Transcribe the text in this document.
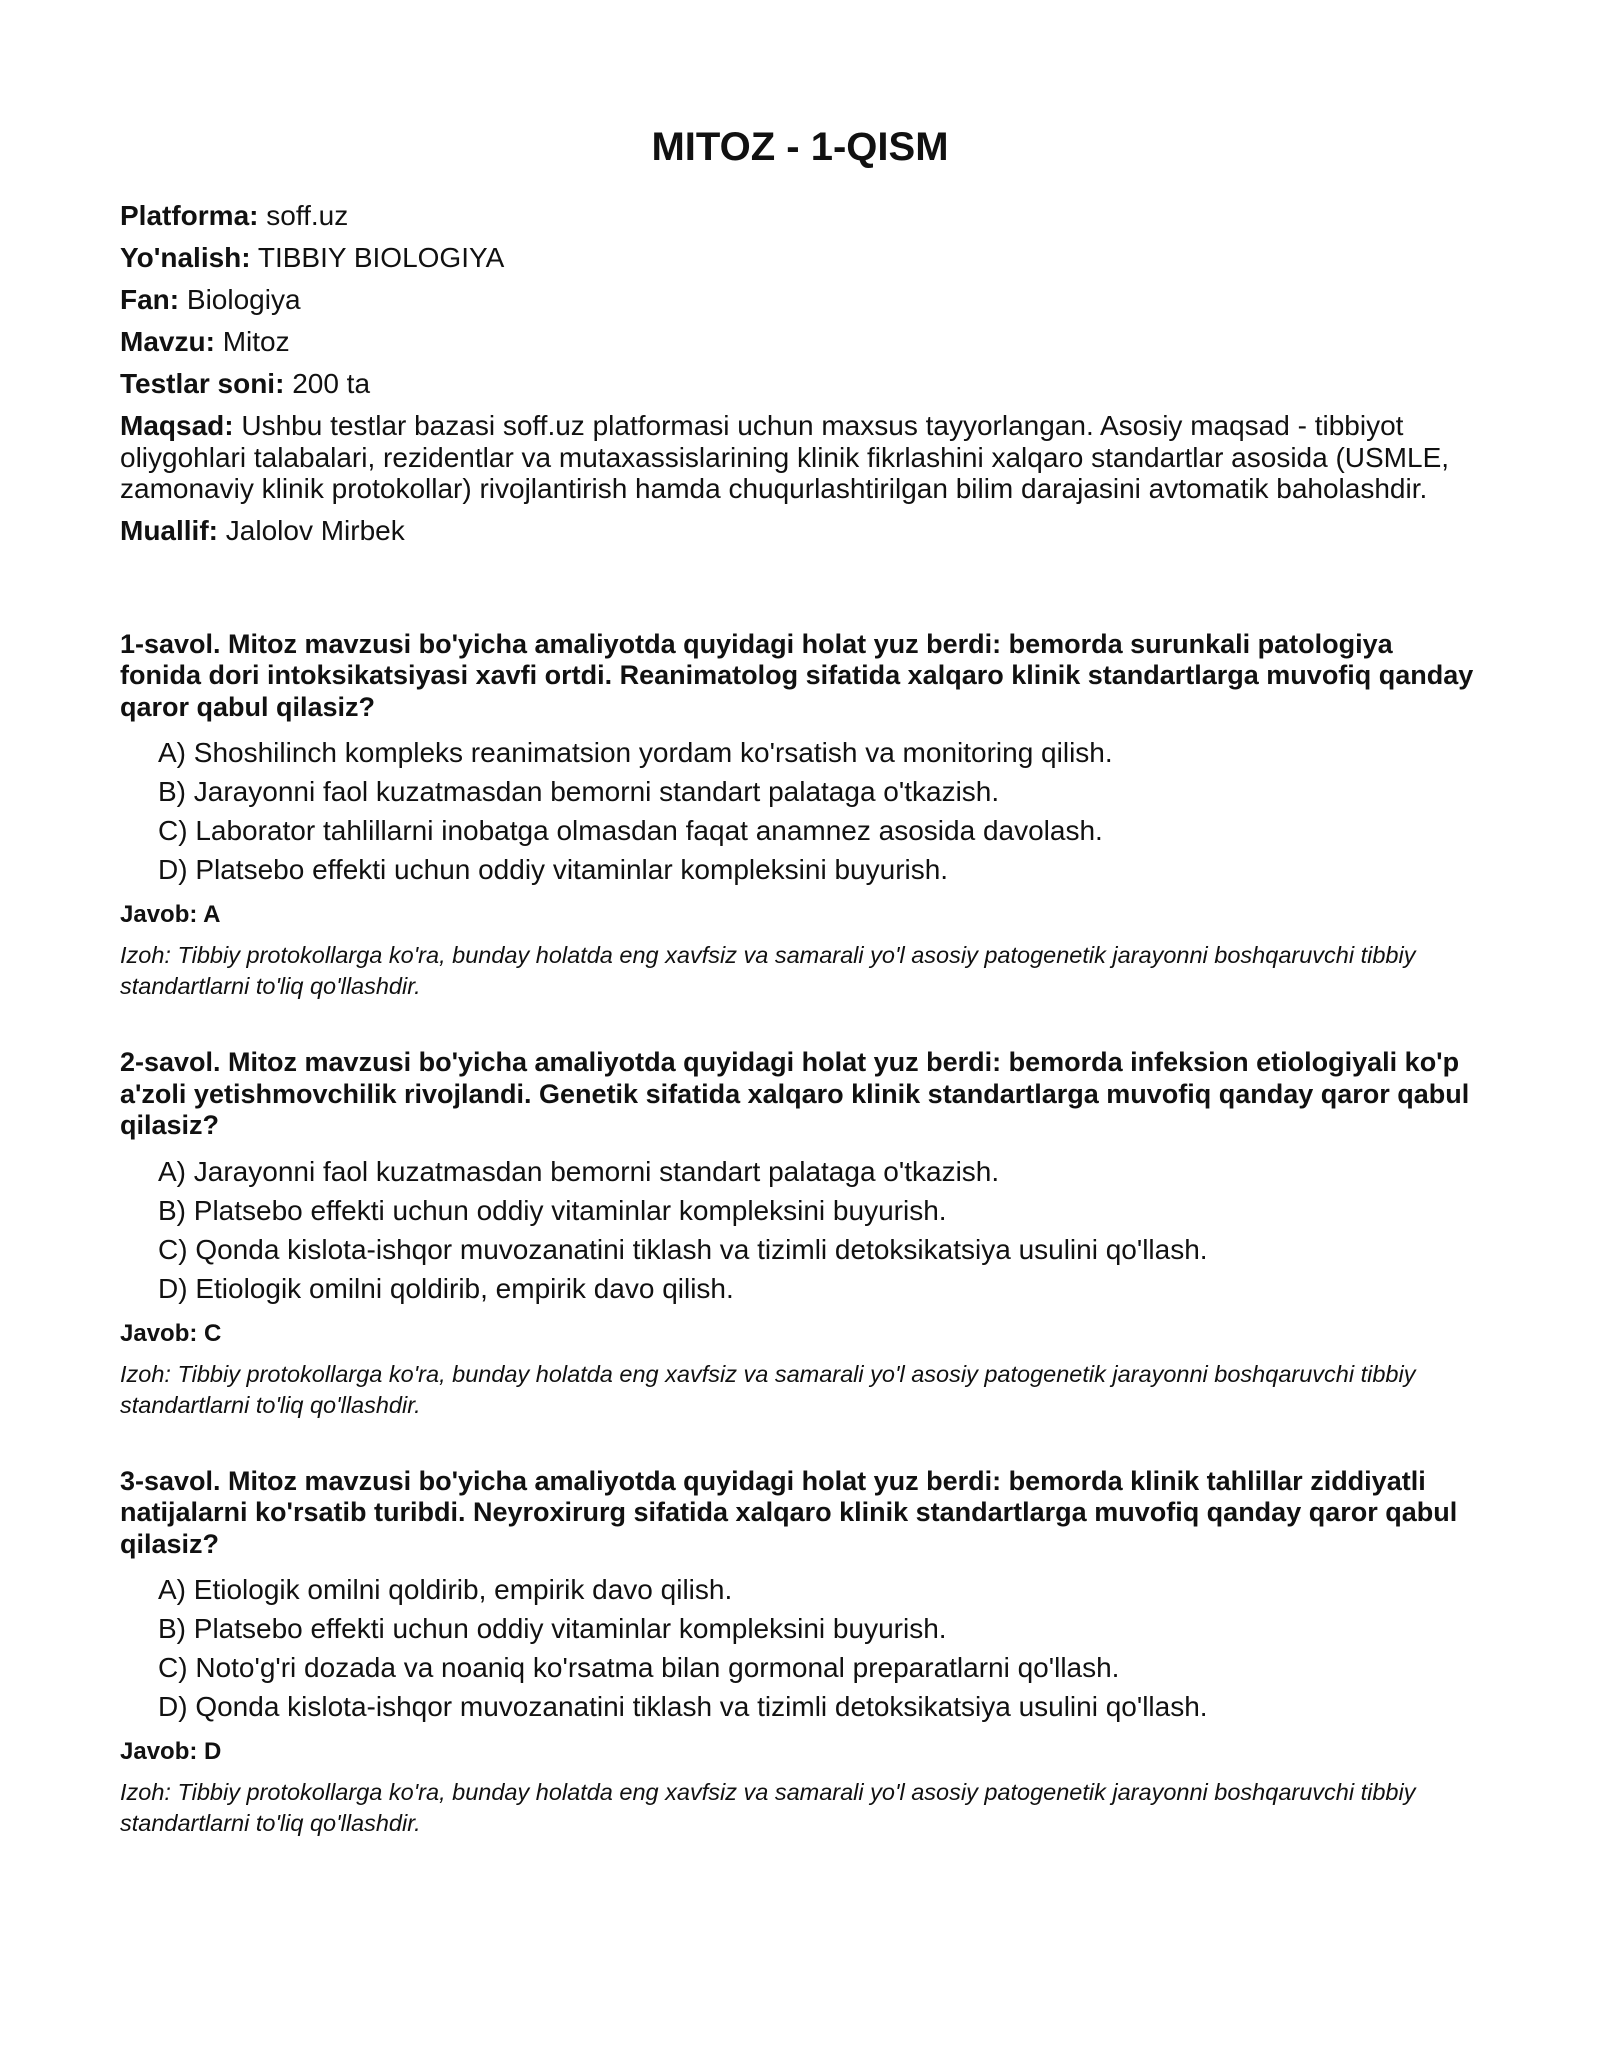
MITOZ - 1-QISM

Platforma: soff.uz

Yo'nalish: TIBBIY BIOLOGIYA

Fan: Biologiya

Mavzu: Mitoz

Testlar soni: 200 ta

Maqsad: Ushbu testlar bazasi soff.uz platformasi uchun maxsus tayyorlangan. Asosiy maqsad - tibbiyot oliygohlari talabalari, rezidentlar va mutaxassislarining klinik fikrlashini xalqaro standartlar asosida (USMLE, zamonaviy klinik protokollar) rivojlantirish hamda chuqurlashtirilgan bilim darajasini avtomatik baholashdir.

Muallif: Jalolov Mirbek

1-savol. Mitoz mavzusi bo'yicha amaliyotda quyidagi holat yuz berdi: bemorda surunkali patologiya fonida dori intoksikatsiyasi xavfi ortdi. Reanimatolog sifatida xalqaro klinik standartlarga muvofiq qanday qaror qabul qilasiz?

A) Shoshilinch kompleks reanimatsion yordam ko'rsatish va monitoring qilish.
B) Jarayonni faol kuzatmasdan bemorni standart palataga o'tkazish.
C) Laborator tahlillarni inobatga olmasdan faqat anamnez asosida davolash.
D) Platsebo effekti uchun oddiy vitaminlar kompleksini buyurish.

Javob: A

Izoh: Tibbiy protokollarga ko'ra, bunday holatda eng xavfsiz va samarali yo'l asosiy patogenetik jarayonni boshqaruvchi tibbiy standartlarni to'liq qo'llashdir.

2-savol. Mitoz mavzusi bo'yicha amaliyotda quyidagi holat yuz berdi: bemorda infeksion etiologiyali ko'p a'zoli yetishmovchilik rivojlandi. Genetik sifatida xalqaro klinik standartlarga muvofiq qanday qaror qabul qilasiz?

A) Jarayonni faol kuzatmasdan bemorni standart palataga o'tkazish.
B) Platsebo effekti uchun oddiy vitaminlar kompleksini buyurish.
C) Qonda kislota-ishqor muvozanatini tiklash va tizimli detoksikatsiya usulini qo'llash.
D) Etiologik omilni qoldirib, empirik davo qilish.

Javob: C

Izoh: Tibbiy protokollarga ko'ra, bunday holatda eng xavfsiz va samarali yo'l asosiy patogenetik jarayonni boshqaruvchi tibbiy standartlarni to'liq qo'llashdir.

3-savol. Mitoz mavzusi bo'yicha amaliyotda quyidagi holat yuz berdi: bemorda klinik tahlillar ziddiyatli natijalarni ko'rsatib turibdi. Neyroxirurg sifatida xalqaro klinik standartlarga muvofiq qanday qaror qabul qilasiz?

A) Etiologik omilni qoldirib, empirik davo qilish.
B) Platsebo effekti uchun oddiy vitaminlar kompleksini buyurish.
C) Noto'g'ri dozada va noaniq ko'rsatma bilan gormonal preparatlarni qo'llash.
D) Qonda kislota-ishqor muvozanatini tiklash va tizimli detoksikatsiya usulini qo'llash.

Javob: D

Izoh: Tibbiy protokollarga ko'ra, bunday holatda eng xavfsiz va samarali yo'l asosiy patogenetik jarayonni boshqaruvchi tibbiy standartlarni to'liq qo'llashdir.
